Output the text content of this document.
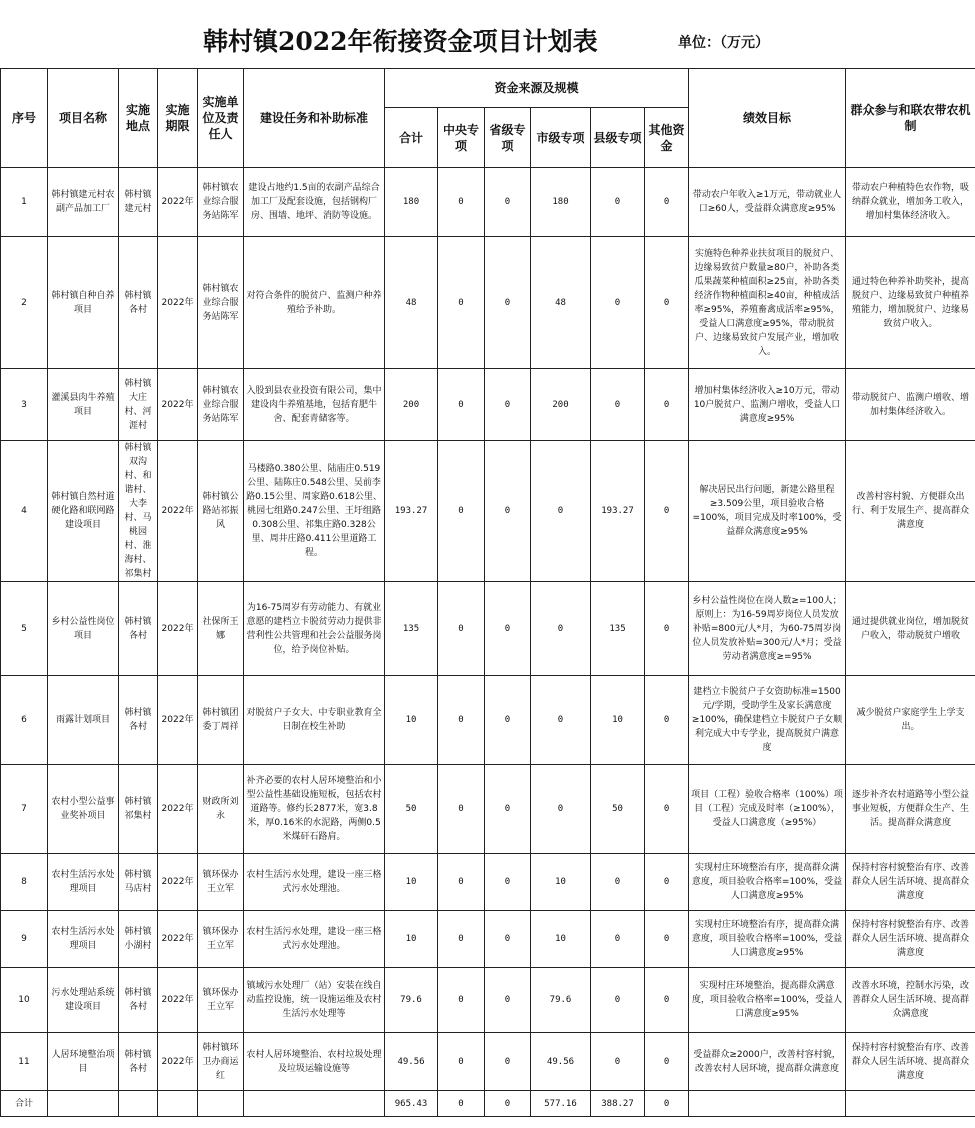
韩村镇2022年衔接资金项目计划表	单位：（万元）
序号	项目名称	实施地点	实施期限	实施单位及责任人	建设任务和补助标准	资金来源及规模						绩效目标	群众参与和联农带农机制
						合计	中央专项	省级专项	市级专项	县级专项	其他资金		
1	韩村镇建元村农副产品加工厂	韩村镇建元村	2022年	韩村镇农业综合服务站陈军	建设占地约1.5亩的农副产品综合加工厂及配套设施，包括钢构厂房、围墙、地坪、消防等设施。	180	0	0	180	0	0	带动农户年收入≥1万元，带动就业人口≥60人，受益群众满意度≥95%	带动农户种植特色农作物，吸纳群众就业，增加务工收入，增加村集体经济收入。
2	韩村镇自种自养项目	韩村镇各村	2022年	韩村镇农业综合服务站陈军	对符合条件的脱贫户、监测户种养殖给予补助。	48	0	0	48	0	0	实施特色种养业扶贫项目的脱贫户、边缘易致贫户数量≥80户，补助各类瓜果蔬菜种植面积≥25亩，补助各类经济作物种植面积≥40亩，种植成活率≥95%，养殖畜禽成活率≥95%，受益人口满意度≥95%，带动脱贫户、边缘易致贫户发展产业，增加收入。	通过特色种养补助奖补，提高脱贫户、边缘易致贫户种植养殖能力，增加脱贫户、边缘易致贫户收入。
3	灌溪县肉牛养殖项目	韩村镇大庄村、河涯村	2022年	韩村镇农业综合服务站陈军	入股到县农业投资有限公司，集中建设肉牛养殖基地，包括育肥牛舍、配套青储客等。	200	0	0	200	0	0	增加村集体经济收入≥10万元，带动10户脱贫户、监测户增收，受益人口满意度≥95%	带动脱贫户、监测户增收、增加村集体经济收入。
4	韩村镇自然村道硬化路和联网路建设项目	韩村镇双沟村、和谐村、大李村、马桃园村、淮海村、祁集村	2022年	韩村镇公路站祁振风	马楼路0.380公里、陆庙庄0.519公里、陆陈庄0.548公里、吴前李路0.15公里、周家路0.618公里、桃园七组路0.247公里、王圩组路0.308公里、祁集庄路0.328公里、周井庄路0.411公里道路工程。	193.27	0	0	0	193.27	0	解决居民出行问题，新建公路里程≥3.509公里，项目验收合格=100%，项目完成及时率100%，受益群众满意度≥95%	改善村容村貌、方便群众出行、利于发展生产、提高群众满意度
5	乡村公益性岗位项目	韩村镇各村	2022年	社保所王娜	为16-75周岁有劳动能力、有就业意愿的建档立卡脱贫劳动力提供非营利性公共管理和社会公益服务岗位，给予岗位补贴。	135	0	0	0	135	0	乡村公益性岗位在岗人数≥=100人；原则上：为16-59周岁岗位人员发放补贴=800元/人*月，为60-75周岁岗位人员发放补贴=300元/人*月；受益劳动者满意度≥=95%	通过提供就业岗位，增加脱贫户收入，带动脱贫户增收
6	雨露计划项目	韩村镇各村	2022年	韩村镇团委丁周祥	对脱贫户子女大、中专职业教育全日制在校生补助	10	0	0	0	10	0	建档立卡脱贫户子女资助标准=1500元/学期，受助学生及家长满意度≥100%，确保建档立卡脱贫户子女顺利完成大中专学业，提高脱贫户满意度	减少脱贫户家庭学生上学支出。
7	农村小型公益事业奖补项目	韩村镇祁集村	2022年	财政所刘永	补齐必要的农村人居环境整治和小型公益性基础设施短板，包括农村道路等。修约长2877米，宽3.8米，厚0.16米的水泥路，两侧0.5米煤矸石路肩。	50	0	0	0	50	0	项目（工程）验收合格率（100%）项目（工程）完成及时率（≥100%），受益人口满意度（≥95%）	逐步补齐农村道路等小型公益事业短板，方便群众生产、生活。提高群众满意度
8	农村生活污水处理项目	韩村镇马店村	2022年	镇环保办王立军	农村生活污水处理，建设一座三格式污水处理池。	10	0	0	10	0	0	实现村庄环境整治有序，提高群众满意度，项目验收合格率=100%，受益人口满意度≥95%	保持村容村貌整治有序、改善群众人居生活环境、提高群众满意度
9	农村生活污水处理项目	韩村镇小湖村	2022年	镇环保办王立军	农村生活污水处理，建设一座三格式污水处理池。	10	0	0	10	0	0	实现村庄环境整治有序，提高群众满意度，项目验收合格率=100%，受益人口满意度≥95%	保持村容村貌整治有序、改善群众人居生活环境、提高群众满意度
10	污水处理站系统建设项目	韩村镇各村	2022年	镇环保办王立军	镇域污水处理厂（站）安装在线自动监控设施，统一设施运维及农村生活污水处理等	79.6	0	0	79.6	0	0	实现村庄环境整治，提高群众满意度，项目验收合格率=100%，受益人口满意度≥95%	改善水环境，控制水污染，改善群众人居生活环境、提高群众满意度
11	人居环境整治项目	韩村镇各村	2022年	韩村镇环卫办商运红	农村人居环境整治、农村垃圾处理及垃圾运输设施等	49.56	0	0	49.56	0	0	受益群众≥2000户，改善村容村貌，改善农村人居环境，提高群众满意度	保持村容村貌整治有序、改善群众人居生活环境、提高群众满意度
合计						965.43	0	0	577.16	388.27	0		
